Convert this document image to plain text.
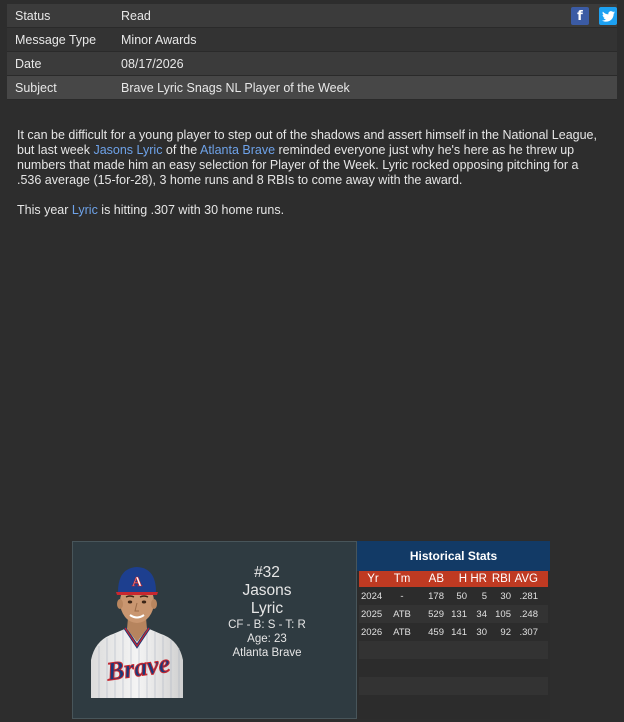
Status	Read
Message Type	Minor Awards
Date	08/17/2026
Subject	Brave Lyric Snags NL Player of the Week
f

It can be difficult for a young player to step out of the shadows and assert himself in the National League, but last week Jasons Lyric of the Atlanta Brave reminded everyone just why he's here as he threw up numbers that made him an easy selection for Player of the Week. Lyric rocked opposing pitching for a .536 average (15-for-28), 3 home runs and 8 RBIs to come away with the award.

This year Lyric is hitting .307 with 30 home runs.

A
Brave
#32
Jasons
Lyric
CF - B: S - T: R
Age: 23
Atlanta Brave
Historical Stats
Yr	Tm	AB	H HR RBI AVG
2024	-	178	50	5	30 .281
2025	ATB	529 131 34 105 .248
2026	ATB	459 141 30	92 .307
